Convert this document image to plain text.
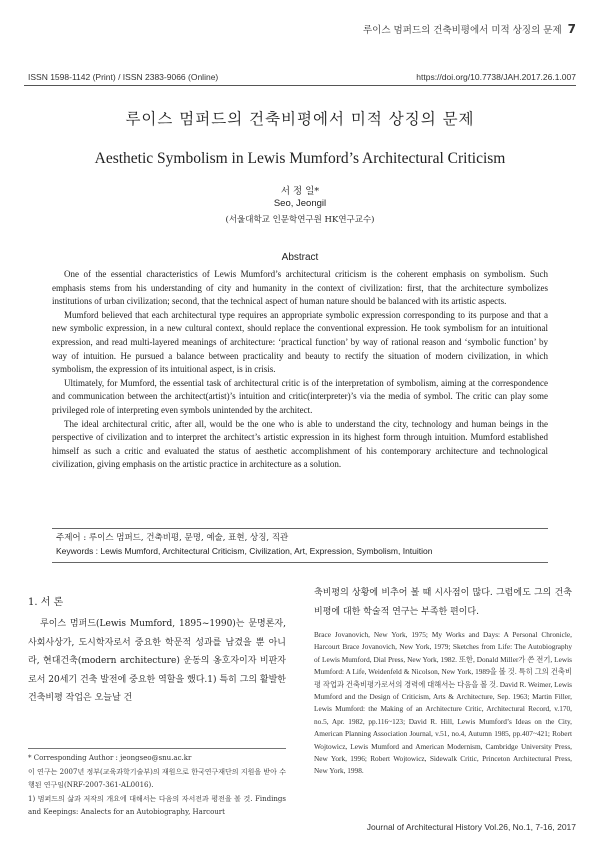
루이스 멈퍼드의 건축비평에서 미적 상징의 문제 7
ISSN 1598-1142 (Print) / ISSN 2383-9066 (Online)	https://doi.org/10.7738/JAH.2017.26.1.007
루이스 멈퍼드의 건축비평에서 미적 상징의 문제
Aesthetic Symbolism in Lewis Mumford’s Architectural Criticism
서 정 일*
Seo, Jeongil
(서울대학교 인문학연구원 HK연구교수)
Abstract

One of the essential characteristics of Lewis Mumford’s architectural criticism is the coherent emphasis on symbolism. Such emphasis stems from his understanding of city and humanity in the context of civilization: first, that the architecture symbolizes institutions of urban civilization; second, that the technical aspect of human nature should be balanced with its artistic aspects.

Mumford believed that each architectural type requires an appropriate symbolic expression corresponding to its purpose and that a new symbolic expression, in a new cultural context, should replace the conventional expression. He took symbolism for an intuitional expression, and read multi-layered meanings of architecture: ‘practical function’ by way of rational reason and ‘symbolic function’ by way of intuition. He pursued a balance between practicality and beauty to rectify the situation of modern civilization, in which symbolism, the expression of its intuitional aspect, is in crisis.

Ultimately, for Mumford, the essential task of architectural critic is of the interpretation of symbolism, aiming at the correspondence and communication between the architect(artist)’s intuition and critic(interpreter)’s via the media of symbol. The critic can play some privileged role of interpreting even symbols unintended by the architect.

The ideal architectural critic, after all, would be the one who is able to understand the city, technology and human beings in the perspective of civilization and to interpret the architect’s artistic expression in its highest form through intuition. Mumford established himself as such a critic and evaluated the status of aesthetic accomplishment of his contemporary architecture and technological civilization, giving emphasis on the artistic practice in architecture as a solution.

주제어 : 루이스 멈퍼드, 건축비평, 문명, 예술, 표현, 상징, 직관
Keywords : Lewis Mumford, Architectural Criticism, Civilization, Art, Expression, Symbolism, Intuition
1. 서 론

루이스 멈퍼드(Lewis Mumford, 1895~1990)는 문명론자, 사회사상가, 도시학자로서 중요한 학문적 성과를 남겼을 뿐 아니라, 현대건축(modern architecture) 운동의 옹호자이자 비판자로서 20세기 건축 발전에 중요한 역할을 했다.1) 특히 그의 활발한 건축비평 작업은 오늘날 건

축비평의 상황에 비추어 볼 때 시사점이 많다. 그럼에도 그의 건축비평에 대한 학술적 연구는 부족한 편이다.

* Corresponding Author : jeongseo@snu.ac.kr

이 연구는 2007년 정부(교육과학기술부)의 재원으로 한국연구재단의 지원을 받아 수행된 연구임(NRF-2007-361-AL0016).

1) 멈퍼드의 삶과 저작의 개요에 대해서는 다음의 자서전과 평전을 볼 것. Findings and Keepings: Analects for an Autobiography, Harcourt

Brace Jovanovich, New York, 1975; My Works and Days: A Personal Chronicle, Harcourt Brace Jovanovich, New York, 1979; Sketches from Life: The Autobiography of Lewis Mumford, Dial Press, New York, 1982. 또한, Donald Miller가 쓴 전기, Lewis Mumford: A Life, Weidenfeld & Nicolson, New York, 1989을 볼 것. 특히 그의 건축비평 작업과 건축비평가로서의 경력에 대해서는 다음을 볼 것. David R. Weimer, Lewis Mumford and the Design of Criticism, Arts & Architecture, Sep. 1963; Martin Filler, Lewis Mumford: the Making of an Architecture Critic, Architectural Record, v.170, no.5, Apr. 1982, pp.116~123; David R. Hill, Lewis Mumford’s Ideas on the City, American Planning Association Journal, v.51, no.4, Autumn 1985, pp.407~421; Robert Wojtowicz, Lewis Mumford and American Modernism, Cambridge University Press, New York, 1996; Robert Wojtowicz, Sidewalk Critic, Princeton Architectural Press, New York, 1998.

Journal of Architectural History Vol.26, No.1, 7-16, 2017
